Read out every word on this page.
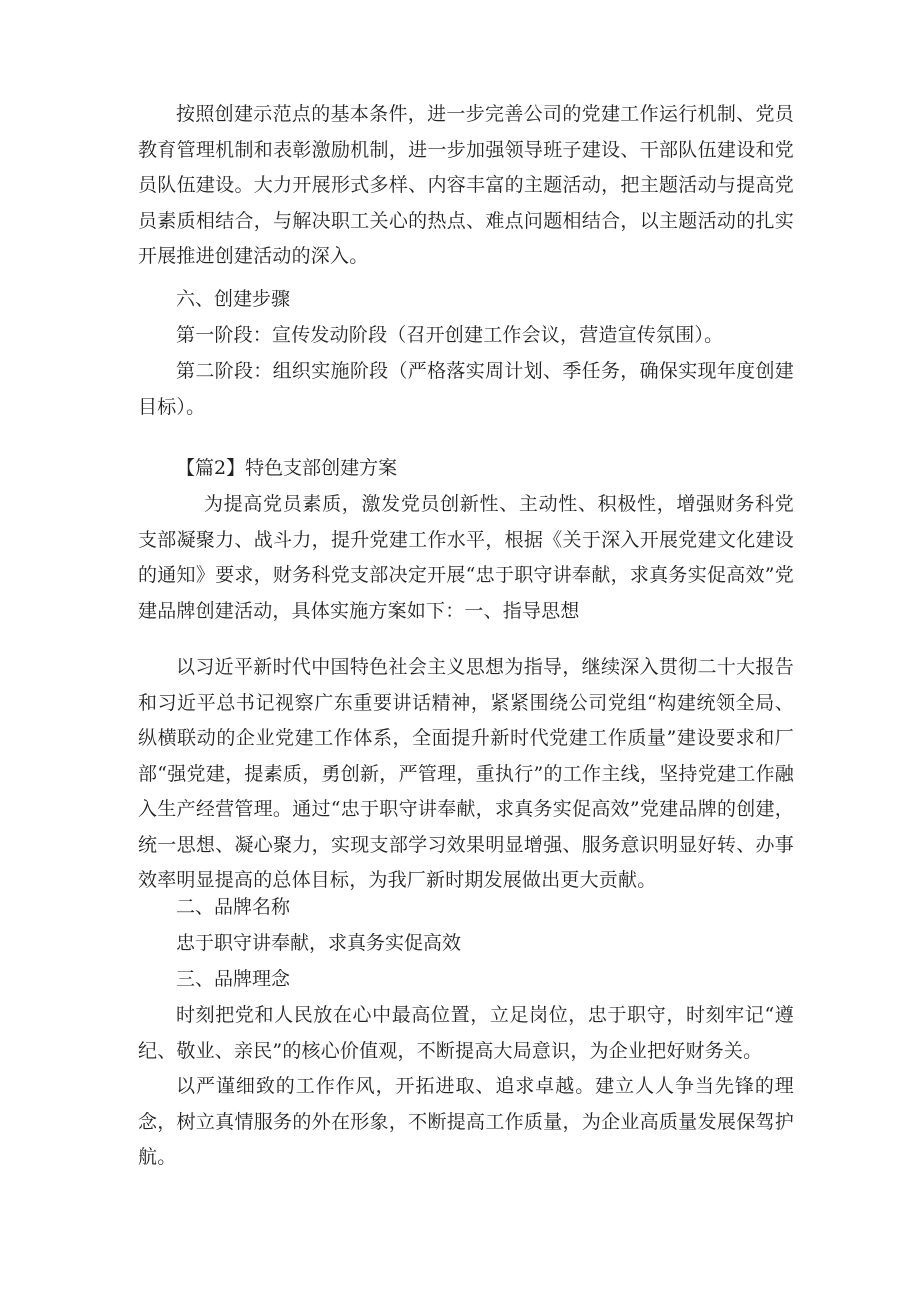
按照创建示范点的基本条件，进一步完善公司的党建工作运行机制、党员教育管理机制和表彰激励机制，进一步加强领导班子建设、干部队伍建设和党员队伍建设。大力开展形式多样、内容丰富的主题活动，把主题活动与提高党员素质相结合，与解决职工关心的热点、难点问题相结合，以主题活动的扎实开展推进创建活动的深入。

六、创建步骤

第一阶段：宣传发动阶段（召开创建工作会议，营造宣传氛围）。

第二阶段：组织实施阶段（严格落实周计划、季任务，确保实现年度创建目标）。

【篇2】特色支部创建方案

为提高党员素质，激发党员创新性、主动性、积极性，增强财务科党支部凝聚力、战斗力，提升党建工作水平，根据《关于深入开展党建文化建设的通知》要求，财务科党支部决定开展“忠于职守讲奉献，求真务实促高效”党建品牌创建活动，具体实施方案如下：一、指导思想

以习近平新时代中国特色社会主义思想为指导，继续深入贯彻二十大报告和习近平总书记视察广东重要讲话精神，紧紧围绕公司党组“构建统领全局、纵横联动的企业党建工作体系，全面提升新时代党建工作质量”建设要求和厂部“强党建，提素质，勇创新，严管理，重执行”的工作主线，坚持党建工作融入生产经营管理。通过“忠于职守讲奉献，求真务实促高效”党建品牌的创建，统一思想、凝心聚力，实现支部学习效果明显增强、服务意识明显好转、办事效率明显提高的总体目标，为我厂新时期发展做出更大贡献。

二、品牌名称

忠于职守讲奉献，求真务实促高效

三、品牌理念

时刻把党和人民放在心中最高位置，立足岗位，忠于职守，时刻牢记“遵纪、敬业、亲民”的核心价值观，不断提高大局意识，为企业把好财务关。

以严谨细致的工作作风，开拓进取、追求卓越。建立人人争当先锋的理念，树立真情服务的外在形象，不断提高工作质量，为企业高质量发展保驾护航。
